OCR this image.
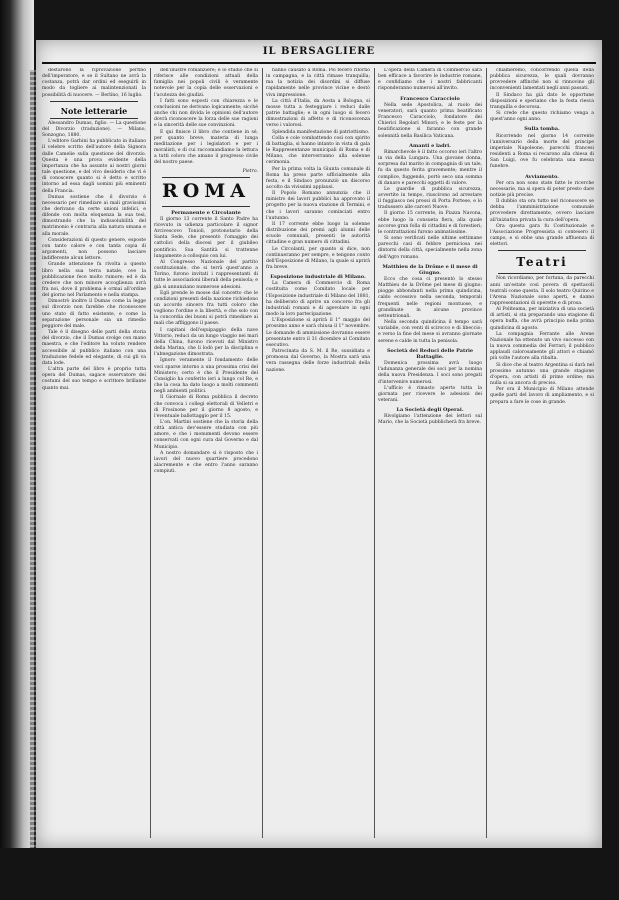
IL BERSAGLIERE

destarono la riprovazione perfino dell'imperatore, e se il Sultano ne avrà la costanza, potrà dar ordini ed eseguirli in modo da togliere ai malintenzionati la possibilità di nuocere. — Berlino, 16 luglio.

Note letterarie

Alessandro Dumas, figlio. — La questione del Divorzio (traduzione). — Milano, Sonzogno, 1880.

L'editore Garbini ha pubblicato in italiano il celebre scritto dell'autore della Signora dalle Camelie sulla questione del divorzio. Questa è una prova evidente della importanza che ha assunto ai nostri giorni tale questione, e del vivo desiderio che vi è di conoscere quanto si è detto e scritto intorno ad essa dagli uomini più eminenti della Francia.

Dumas sostiene che il divorzio è necessario per rimediare ai mali gravissimi che derivano da certe unioni infelici, e difende con molta eloquenza la sua tesi, dimostrando che la indissolubilità del matrimonio è contraria alla natura umana e alla morale.

Considerazioni di questo genere, esposte con tanto calore e con tanta copia di argomenti, non possono lasciare indifferente alcun lettore.

Grande attenzione fu rivolta a questo libro nella sua terra natale, ove la pubblicazione fece molto rumore; ed è da credere che non minore accoglienza avrà fra noi, dove il problema è ormai all'ordine del giorno nel Parlamento e nella stampa.

Dimostrò inoltre il Dumas come la legge sul divorzio non farebbe che riconoscere uno stato di fatto esistente, e come la separazione personale sia un rimedio peggiore del male.

Tale è il disegno delle parti della storia del divorzio, che il Dumas svolge con mano maestra, e che l'editore ha voluto rendere accessibile al pubblico italiano con una traduzione fedele ed elegante, di cui gli va data lode.

L'altra parte del libro è proprio tutta opera del Dumas, sagace osservatore dei costumi del suo tempo e scrittore brillante quanto mai.

dell'illustre romanziere; e lo studio che si riferisce alle condizioni attuali della famiglia nei popoli civili è veramente notevole per la copia delle osservazioni e l'acutezza dei giudizi.

I fatti sono esposti con chiarezza e le conclusioni ne derivano logicamente; sicché anche chi non divida le opinioni dell'autore dovrà riconoscere la forza delle sue ragioni e la sincerità delle sue convinzioni.

E qui finisce il libro che contiene in sé, per quanto breve, materia di lunga meditazione per i legislatori e per i moralisti, e di cui raccomandiamo la lettura a tutti coloro che amano il progresso civile del nostro paese.

Pietro.
ROMA
Permanente e Circolante

Il giorno 13 corrente il Santo Padre ha ricevuto in udienza particolare il signor Arcivescovo Tonioli, protonotario della Santa Sede, che presentò l'omaggio dei cattolici della diocesi per il giubileo pontificio. Sua Santità si trattenne lungamente a colloquio con lui.

Al Congresso Nazionale del partito costituzionale, che si terrà quest'anno a Torino, furono invitati i rappresentanti di tutte le associazioni liberali della penisola; e già si annunziano numerose adesioni.

Egli prende le mosse dal concetto che le condizioni presenti della nazione richiedono un accordo sincero fra tutti coloro che vogliono l'ordine e la libertà, e che solo con la concordia dei buoni si potrà rimediare ai mali che affliggono il paese.

I capitani dell'equipaggio della nave Vittorio, reduci da un lungo viaggio nei mari della China, furono ricevuti dal Ministro della Marina, che li lodò per la disciplina e l'abnegazione dimostrata.

Ignoro veramente il fondamento delle voci sparse intorno a una prossima crisi del Ministero; certo è che il Presidente del Consiglio ha conferito ieri a lungo col Re, e che la cosa ha dato luogo a molti commenti negli ambienti politici.

Il Giornale di Roma pubblica il decreto che convoca i collegi elettorali di Velletri e di Frosinone per il giorno 8 agosto, e l'eventuale ballottaggio per il 15.

L'on. Martini sostiene che la storia della città antica dev'essere studiata con più amore, e che i monumenti devono essere conservati con ogni cura dal Governo e dal Municipio.

A nostro domandare si è risposto che i lavori del nuovo quartiere procedono alacremente e che entro l'anno saranno compiuti.

hanno causato a Roma. Poi fecero ritorno in campagna, e la città rimase tranquilla; ma la notizia dei disordini si diffuse rapidamente nelle province vicine e destò viva impressione.

La città d'Italia, da Aosta a Bologna, si mosse tutta a festeggiare i reduci dalle patrie battaglie; e in ogni luogo si fecero dimostrazioni di affetto e di riconoscenza verso i valorosi.

Splendida manifestazione di patriottismo.

Colla e cole combattendo così con spirito di battaglia, si hanno intanto in vista di gala le Rappresentanze municipali di Roma e di Milano, che interverranno alla solenne cerimonia.

Per la prima volta la Giunta comunale di Roma ha preso parte ufficialmente alla festa, e il Sindaco pronunziò un discorso accolto da vivissimi applausi.

Il Popolo Romano annunzia che il ministro dei lavori pubblici ha approvato il progetto per la nuova stazione di Termini, e che i lavori saranno cominciati entro l'autunno.

Il 17 corrente ebbe luogo la solenne distribuzione dei premi agli alunni delle scuole comunali, presenti le autorità cittadine e gran numero di cittadini.

Le Circolanti, per quanto si dice, non continueranno per sempre, e tengono conto dell'Esposizione di Milano, la quale si aprirà fra breve.

Esposizione industriale di Milano.

La Camera di Commercio di Roma costituita come Comitato locale per l'Esposizione industriale di Milano del 1881, ha deliberato di aprire un concorso fra gli industriali romani e di agevolare in ogni modo la loro partecipazione.

L'Esposizione si aprirà il 1° maggio del prossimo anno e sarà chiusa il 1° novembre. Le domande di ammissione dovranno essere presentate entro il 31 dicembre al Comitato esecutivo.

Patrocinata da S. M. il Re, sussidiata e promossa dal Governo, la Mostra sarà una vera rassegna delle forze industriali della nazione.

L'opera della Camera di Commercio sarà ben efficace a favorire le industrie romane, e confidiamo che i nostri fabbricanti risponderanno numerosi all'invito.

Francesco Caracciolo

Nella sede Apostolica, al ruolo dei veneratori, sarà quanto prima beatificato Francesco Caracciolo, fondatore dei Chierici Regolari Minori; e le feste per la beatificazione si faranno con grande solennità nella Basilica Vaticana.

Amanti e ladri.

Rimarchevole è il fatto occorso ieri l'altro in via della Lungara. Una giovane donna, sorpresa dal marito in compagnia di un tale, fu da questo ferita gravemente; mentre il complice, fuggendo, portò seco una somma di danaro e parecchi oggetti di valore.

Le guardie di pubblica sicurezza, avvertite in tempo, riuscirono ad arrestare il fuggiasco nei pressi di Porta Portese, e lo tradussero alle carceri Nuove.

Il giorno 15 corrente, in Piazza Navona, ebbe luogo la consueta fiera, alla quale accorse gran folla di cittadini e di forestieri; le contrattazioni furono animatissime.

Si sono verificati nelle ultime settimane parecchi casi di febbre perniciosa nei dintorni della città, specialmente nella zona dell'Agro romano.

Matthieu de la Drôme e il mese di Giugno.

Ecco che cosa ci presentò lo stesso Matthieu de la Drôme pel mese di giugno: piogge abbondanti nella prima quindicina, caldo eccessivo nella seconda, temporali frequenti nelle regioni montuose, e grandinate in alcune province settentrionali.

Nella seconda quindicina il tempo sarà variabile, con venti di scirocco e di libeccio; e verso la fine del mese si avranno giornate serene e calde in tutta la penisola.

Società dei Reduci delle Patrie Battaglie.

Domenica prossima avrà luogo l'adunanza generale dei soci per la nomina della nuova Presidenza. I soci sono pregati d'intervenire numerosi.

L'ufficio è rimasto aperto tutta la giornata per ricevere le adesioni dei veterani.

La Società degli Operai.

Rivolgiamo l'attenzione dei lettori sul Mario, che la Società pubblicherà fra breve.

chiameremo, concorrendo quella della pubblica sicurezza, le quali dovranno provvedere affinché non si rinnovino gli inconvenienti lamentati negli anni passati.

Il Sindaco ha già dato le opportune disposizioni e speriamo che la festa riesca tranquilla e decorosa.

Si crede che questo richiamo venga a quest'anno ogni anno.

Sulla tomba.

Ricorrendo nel giorno 14 corrente l'anniversario della morte del principe imperiale Napoleone, parecchi francesi residenti a Roma si recarono alla chiesa di San Luigi, ove fu celebrata una messa funebre.

Avviamento.

Per ora non sono state fatte le ricerche necessarie, ma si spera di poter presto dare notizie più precise.

Il dubbio sta ora tutto nel riconoscere se debba l'amministrazione comunale provvedere direttamente, ovvero lasciare all'iniziativa privata la cura dell'opera.

Ora questa gara fu Costituzionale e l'Associazione Progressista si contesero il campo, e si ebbe una grande affluenza di elettori.

Teatri

Non ricordiamo, per fortuna, da parecchi anni un'estate così povera di spettacoli teatrali come questa. Il solo teatro Quirino e l'Arena Nazionale sono aperti, e danno rappresentazioni di operette e di prosa.

Al Politeama, per iniziativa di una società di artisti, si sta preparando una stagione di opera buffa, che avrà principio nella prima quindicina di agosto.

La compagnia Ferrante alle Arene Nazionale ha ottenuto un vivo successo con la nuova commedia del Ferrari; il pubblico applaudì calorosamente gli attori e chiamò più volte l'autore alla ribalta.

Si dice che al teatro Argentina si darà nel prossimo autunno una grande stagione d'opera, con artisti di primo ordine; ma nulla si sa ancora di preciso.

Per ora il Municipio di Milano attende quelle parti del lavoro di ampliamento, e si prepara a fare le cose in grande.
